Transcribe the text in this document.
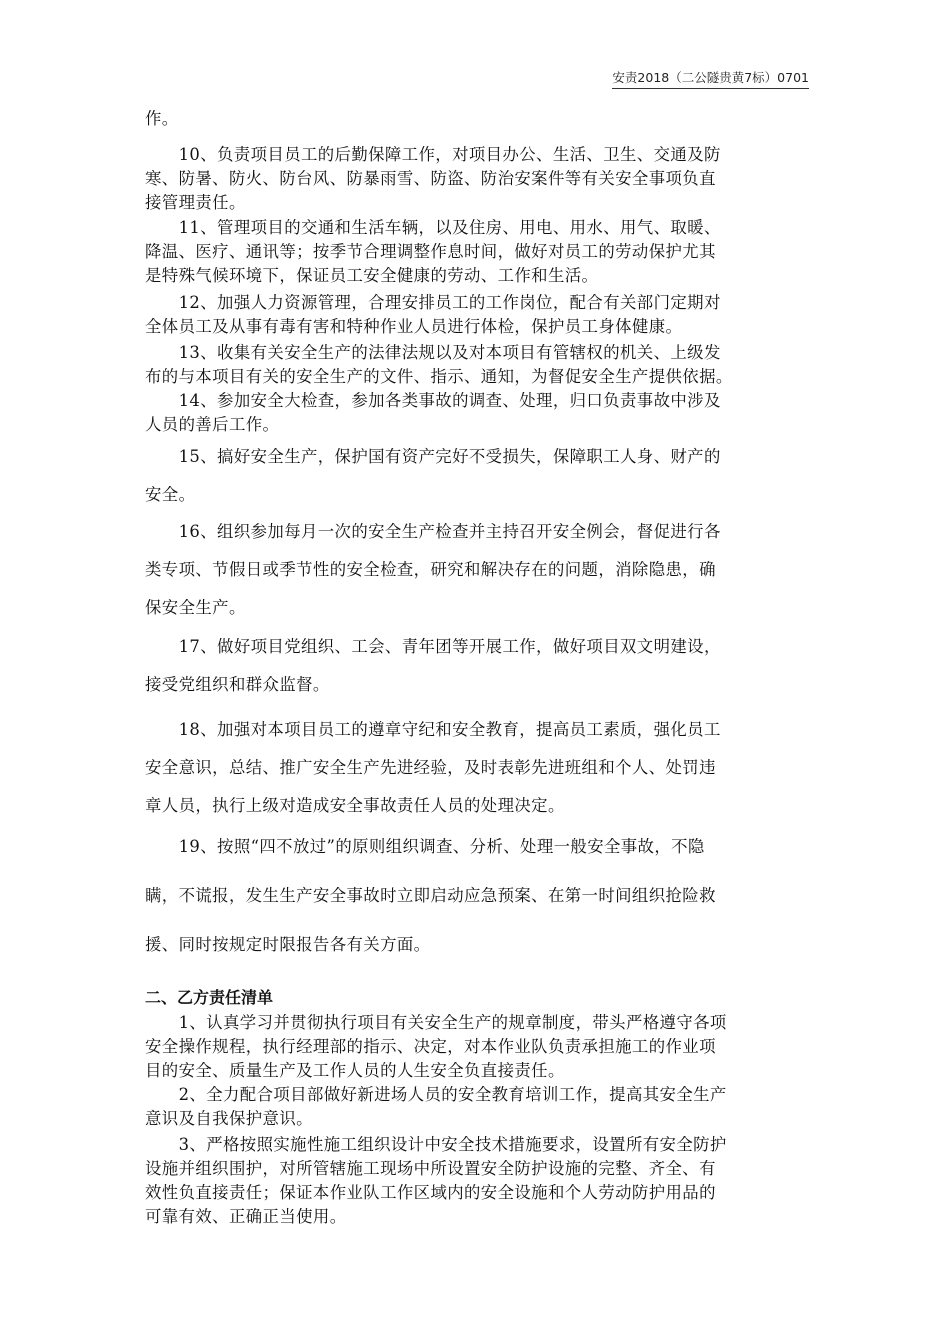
安责2018（二公隧贵黄7标）0701
作。
　　10、负责项目员工的后勤保障工作，对项目办公、生活、卫生、交通及防
寒、防暑、防火、防台风、防暴雨雪、防盗、防治安案件等有关安全事项负直
接管理责任。
　　11、管理项目的交通和生活车辆，以及住房、用电、用水、用气、取暖、
降温、医疗、通讯等；按季节合理调整作息时间，做好对员工的劳动保护尤其
是特殊气候环境下，保证员工安全健康的劳动、工作和生活。
　　12、加强人力资源管理，合理安排员工的工作岗位，配合有关部门定期对
全体员工及从事有毒有害和特种作业人员进行体检，保护员工身体健康。
　　13、收集有关安全生产的法律法规以及对本项目有管辖权的机关、上级发
布的与本项目有关的安全生产的文件、指示、通知，为督促安全生产提供依据。
　　14、参加安全大检查，参加各类事故的调查、处理，归口负责事故中涉及
人员的善后工作。
　　15、搞好安全生产，保护国有资产完好不受损失，保障职工人身、财产的
安全。
　　16、组织参加每月一次的安全生产检查并主持召开安全例会，督促进行各
类专项、节假日或季节性的安全检查，研究和解决存在的问题，消除隐患，确
保安全生产。
　　17、做好项目党组织、工会、青年团等开展工作，做好项目双文明建设，
接受党组织和群众监督。
　　18、加强对本项目员工的遵章守纪和安全教育，提高员工素质，强化员工
安全意识，总结、推广安全生产先进经验，及时表彰先进班组和个人、处罚违
章人员，执行上级对造成安全事故责任人员的处理决定。
　　19、按照“四不放过”的原则组织调查、分析、处理一般安全事故，不隐
瞒，不谎报，发生生产安全事故时立即启动应急预案、在第一时间组织抢险救
援、同时按规定时限报告各有关方面。
二、乙方责任清单
　　1、认真学习并贯彻执行项目有关安全生产的规章制度，带头严格遵守各项
安全操作规程，执行经理部的指示、决定，对本作业队负责承担施工的作业项
目的安全、质量生产及工作人员的人生安全负直接责任。
　　2、全力配合项目部做好新进场人员的安全教育培训工作，提高其安全生产
意识及自我保护意识。
　　3、严格按照实施性施工组织设计中安全技术措施要求，设置所有安全防护
设施并组织围护，对所管辖施工现场中所设置安全防护设施的完整、齐全、有
效性负直接责任；保证本作业队工作区域内的安全设施和个人劳动防护用品的
可靠有效、正确正当使用。
